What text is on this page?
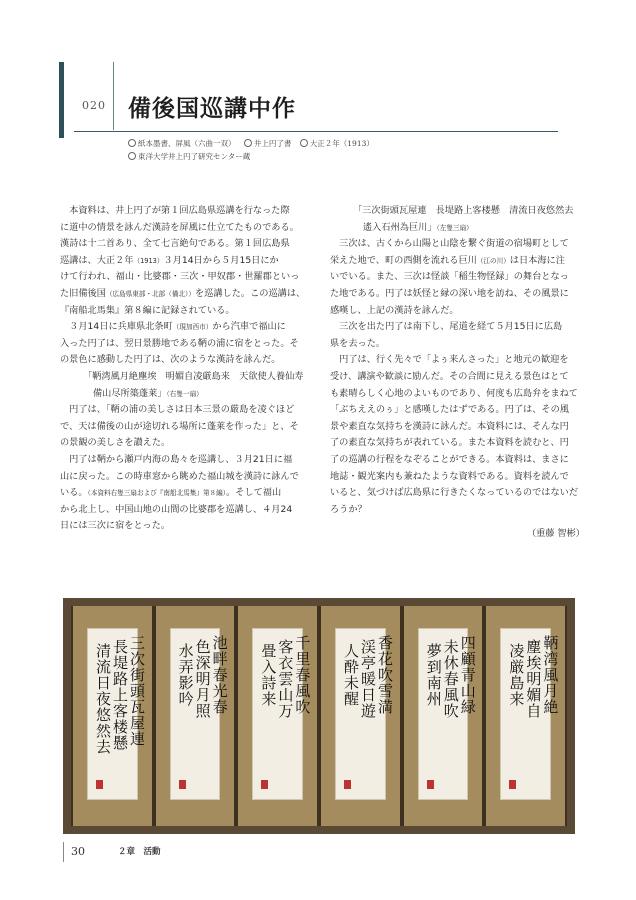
020 備後国巡講中作
紙本墨書、屏風（六曲一双） 井上円了書 大正２年（1913）
東洋大学井上円了研究センター蔵

　本資料は、井上円了が第１回広島県巡講を行なった際

に道中の情景を詠んだ漢詩を屏風に仕立てたものである。

漢詩は十二首あり、全て七言絶句である。第１回広島県

巡講は、大正２年（1913）３月14日から５月15日にか

けて行われ、福山・比婆郡・三次・甲奴郡・世羅郡といっ

た旧備後国（広島県東部・北部（備北））を巡講した。この巡講は、

『南船北馬集』第８編に記録されている。

　３月14日に兵庫県北条町（現加西市）から汽車で福山に

入った円了は、翌日景勝地である鞆の浦に宿をとった。そ

の景色に感動した円了は、次のような漢詩を詠んだ。

「鞆湾風月絶塵埃　明媚自凌厳島来　天欲使人養仙寿

備山尽所築蓬莱」（右隻一扇）

　円了は、「鞆の浦の美しさは日本三景の厳島を凌ぐほど

で、天は備後の山が途切れる場所に蓬莱を作った」と、そ

の景観の美しさを讃えた。

　円了は鞆から瀬戸内海の島々を巡講し、３月21日に福

山に戻った。この時車窓から眺めた福山城を漢詩に詠んで

いる。（本資料右隻三扇および『南船北馬集』第８編）。そして福山

から北上し、中国山地の山間の比婆郡を巡講し、４月24

日には三次に宿をとった。

「三次街頭瓦屋連　長堤路上客楼懸　清流日夜悠然去

遙入石州為巨川」（左隻三扇）

　三次は、古くから山陽と山陰を繋ぐ街道の宿場町として

栄えた地で、町の西側を流れる巨川（江の川）は日本海に注

いでいる。また、三次は怪談「稲生物怪録」の舞台となっ

た地である。円了は妖怪と縁の深い地を訪ね、その風景に

感嘆し、上記の漢詩を詠んだ。

　三次を出た円了は南下し、尾道を経て５月15日に広島

県を去った。

　円了は、行く先々で「よぅ来んさった」と地元の歓迎を

受け、講演や歓談に励んだ。その合間に見える景色はとて

も素晴らしく心地のよいものであり、何度も広島弁をまねて

「ぶちええのぅ」と感嘆したはずである。円了は、その風

景や素直な気持ちを漢詩に詠んだ。本資料には、そんな円

了の素直な気持ちが表れている。また本資料を読むと、円

了の巡講の行程をなぞることができる。本資料は、まさに

地誌・観光案内も兼ねたような資料である。資料を読んで

いると、気づけば広島県に行きたくなっているのではないだ

ろうか？

（重藤 智彬）

三次街頭瓦屋連
長堤路上客楼懸
清流日夜悠然去
池畔春光春
色深明月照
水弄影吟
千里春風吹
客衣雲山万
畳入詩来
香花吹雪満
渓亭暖日遊
人酔未醒
四顧青山緑
未休春風吹
夢到南州
鞆湾風月絶
塵埃明媚自
凌厳島来
30	２章　活動
